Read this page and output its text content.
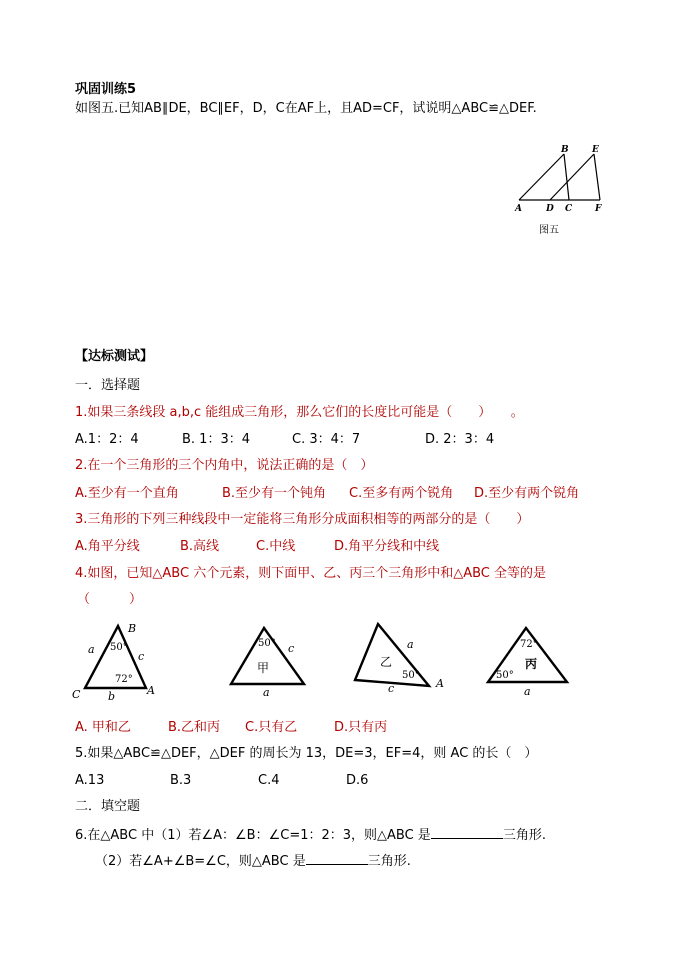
巩固训练5
如图五.已知AB∥DE，BC∥EF，D，C在AF上，且AD=CF，试说明△ABC≌△DEF.
B	E
A	D C	F
图五
【达标测试】
一．选择题
1.如果三条线段 a,b,c 能组成三角形，那么它们的长度比可能是（　　）　　。
A.1：2：4	B. 1：3：4	C. 3：4：7	D. 2：3：4
2.在一个三角形的三个内角中，说法正确的是（　）
A.至少有一个直角	B.至少有一个钝角 C.至多有两个锐角 D.至少有两个锐角
3.三角形的下列三种线段中一定能将三角形分成面积相等的两部分的是（　　）
A.角平分线	B.高线	C.中线	D.角平分线和中线
4.如图，已知△ABC 六个元素，则下面甲、乙、丙三个三角形中和△ABC 全等的是
（　　　）
B
a
c
50°
72°
C	b	A
50° c
甲
a
a
乙
50°
c	A
72°
丙
50°
a
A. 甲和乙	B.乙和丙 C.只有乙	D.只有丙
5.如果△ABC≌△DEF，△DEF 的周长为 13，DE=3，EF=4，则 AC 的长（　）
A.13	B.3	C.4	D.6
二．填空题
6.在△ABC 中（1）若∠A：∠B：∠C=1：2：3，则△ABC 是	三角形.
（2）若∠A+∠B=∠C，则△ABC 是	三角形.
